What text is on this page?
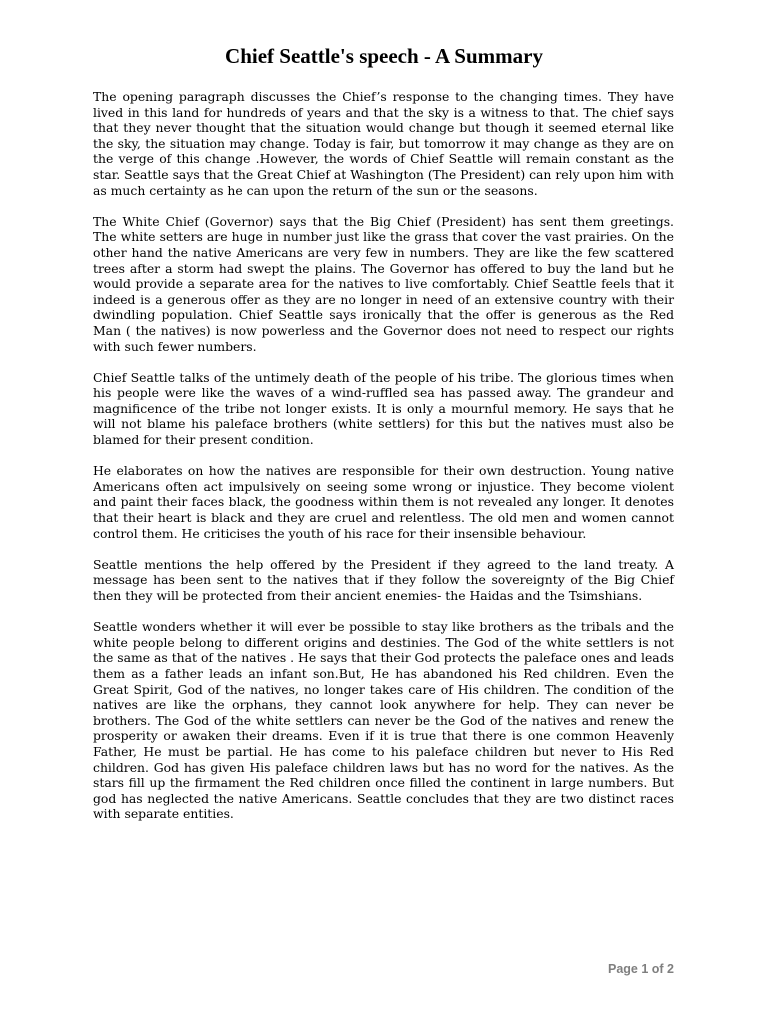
Chief Seattle's speech - A Summary

The opening paragraph discusses the Chief’s response to the changing times. They have lived in this land for hundreds of years and that the sky is a witness to that. The chief says that they never thought that the situation would change but though it seemed eternal like the sky, the situation may change. Today is fair, but tomorrow it may change as they are on the verge of this change .However, the words of Chief Seattle will remain constant as the star. Seattle says that the Great Chief at Washington (The President) can rely upon him with as much certainty as he can upon the return of the sun or the seasons.

The White Chief (Governor) says that the Big Chief (President) has sent them greetings. The white setters are huge in number just like the grass that cover the vast prairies. On the other hand the native Americans are very few in numbers. They are like the few scattered trees after a storm had swept the plains. The Governor has offered to buy the land but he would provide a separate area for the natives to live comfortably. Chief Seattle feels that it indeed is a generous offer as they are no longer in need of an extensive country with their dwindling population. Chief Seattle says ironically that the offer is generous as the Red Man ( the natives) is now powerless and the Governor does not need to respect our rights with such fewer numbers.

Chief Seattle talks of the untimely death of the people of his tribe. The glorious times when his people were like the waves of a wind-ruffled sea has passed away. The grandeur and magnificence of the tribe not longer exists. It is only a mournful memory. He says that he will not blame his paleface brothers (white settlers) for this but the natives must also be blamed for their present condition.

He elaborates on how the natives are responsible for their own destruction. Young native Americans often act impulsively on seeing some wrong or injustice. They become violent and paint their faces black, the goodness within them is not revealed any longer. It denotes that their heart is black and they are cruel and relentless. The old men and women cannot control them. He criticises the youth of his race for their insensible behaviour.

Seattle mentions the help offered by the President if they agreed to the land treaty. A message has been sent to the natives that if they follow the sovereignty of the Big Chief then they will be protected from their ancient enemies- the Haidas and the Tsimshians.

Seattle wonders whether it will ever be possible to stay like brothers as the tribals and the white people belong to different origins and destinies. The God of the white settlers is not the same as that of the natives . He says that their God protects the paleface ones and leads them as a father leads an infant son.But, He has abandoned his Red children. Even the Great Spirit, God of the natives, no longer takes care of His children. The condition of the natives are like the orphans, they cannot look anywhere for help. They can never be brothers. The God of the white settlers can never be the God of the natives and renew the prosperity or awaken their dreams. Even if it is true that there is one common Heavenly Father, He must be partial. He has come to his paleface children but never to His Red children. God has given His paleface children laws but has no word for the natives. As the stars fill up the firmament the Red children once filled the continent in large numbers. But god has neglected the native Americans. Seattle concludes that they are two distinct races with separate entities.

Page 1 of 2
